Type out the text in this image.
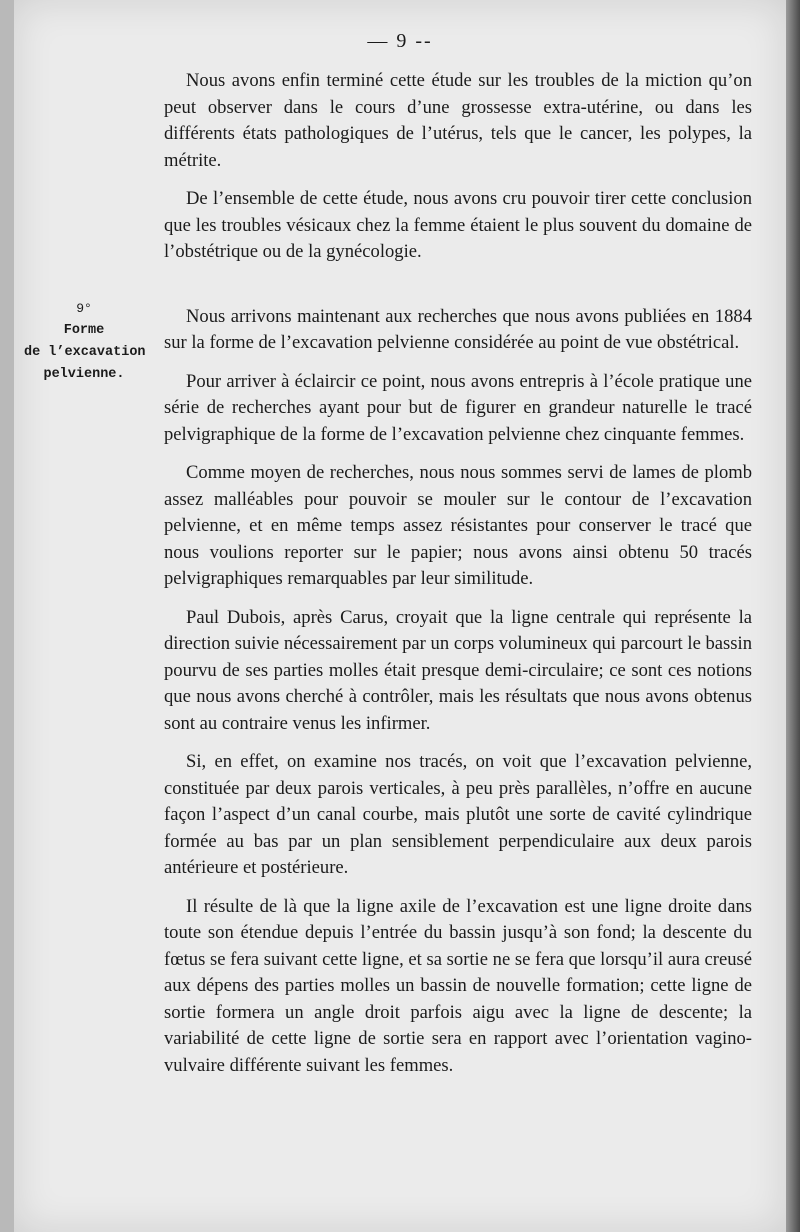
— 9 --
9°
Forme
de l’excavation
pelvienne.

Nous avons enfin terminé cette étude sur les troubles de la miction qu’on peut observer dans le cours d’une grossesse extra-utérine, ou dans les différents états pathologiques de l’utérus, tels que le cancer, les polypes, la métrite.

De l’ensemble de cette étude, nous avons cru pouvoir tirer cette conclusion que les troubles vésicaux chez la femme étaient le plus souvent du domaine de l’obstétrique ou de la gynécologie.

Nous arrivons maintenant aux recherches que nous avons publiées en 1884 sur la forme de l’excavation pelvienne considérée au point de vue obstétrical.

Pour arriver à éclaircir ce point, nous avons entrepris à l’école pratique une série de recherches ayant pour but de figurer en grandeur naturelle le tracé pelvigraphique de la forme de l’excavation pelvienne chez cinquante femmes.

Comme moyen de recherches, nous nous sommes servi de lames de plomb assez malléables pour pouvoir se mouler sur le contour de l’excavation pelvienne, et en même temps assez résistantes pour conserver le tracé que nous voulions reporter sur le papier; nous avons ainsi obtenu 50 tracés pelvigraphiques remarquables par leur similitude.

Paul Dubois, après Carus, croyait que la ligne centrale qui représente la direction suivie nécessairement par un corps volumineux qui parcourt le bassin pourvu de ses parties molles était presque demi-circulaire; ce sont ces notions que nous avons cherché à contrôler, mais les résultats que nous avons obtenus sont au contraire venus les infirmer.

Si, en effet, on examine nos tracés, on voit que l’excavation pelvienne, constituée par deux parois verticales, à peu près parallèles, n’offre en aucune façon l’aspect d’un canal courbe, mais plutôt une sorte de cavité cylindrique formée au bas par un plan sensiblement perpendiculaire aux deux parois antérieure et postérieure.

Il résulte de là que la ligne axile de l’excavation est une ligne droite dans toute son étendue depuis l’entrée du bassin jusqu’à son fond; la descente du fœtus se fera suivant cette ligne, et sa sortie ne se fera que lorsqu’il aura creusé aux dépens des parties molles un bassin de nouvelle formation; cette ligne de sortie formera un angle droit parfois aigu avec la ligne de descente; la variabilité de cette ligne de sortie sera en rapport avec l’orientation vagino-vulvaire différente suivant les femmes.
